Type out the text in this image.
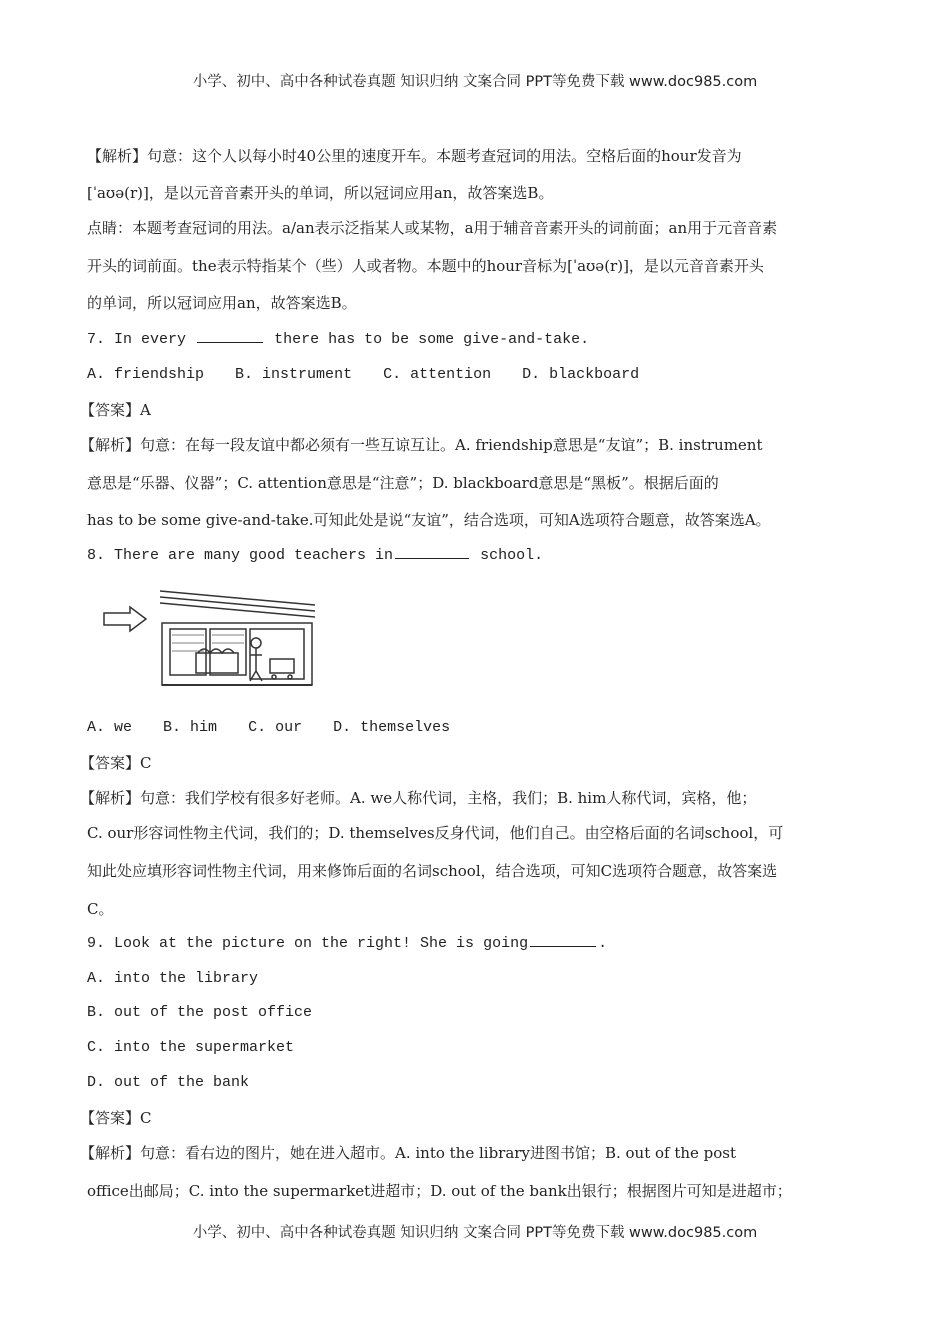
小学、初中、高中各种试卷真题 知识归纳 文案合同 PPT等免费下载 www.doc985.com
【解析】句意：这个人以每小时40公里的速度开车。本题考查冠词的用法。空格后面的hour发音为
[ˈaʊə(r)]，是以元音音素开头的单词，所以冠词应用an，故答案选B。
点睛：本题考查冠词的用法。a/an表示泛指某人或某物，a用于辅音音素开头的词前面；an用于元音音素
开头的词前面。the表示特指某个（些）人或者物。本题中的hour音标为[ˈaʊə(r)]，是以元音音素开头
的单词，所以冠词应用an，故答案选B。
7. In every	there has to be some give-and-take.
A. friendship B. instrument C. attention D. blackboard
【答案】A
【解析】句意：在每一段友谊中都必须有一些互谅互让。A. friendship意思是“友谊”；B. instrument
意思是“乐器、仪器”；C. attention意思是“注意”；D. blackboard意思是“黑板”。根据后面的
has to be some give-and-take.可知此处是说“友谊”，结合选项，可知A选项符合题意，故答案选A。
8. There are many good teachers in	school.
A. we B. him C. our D. themselves
【答案】C
【解析】句意：我们学校有很多好老师。A. we人称代词，主格，我们；B. him人称代词，宾格，他；
C. our形容词性物主代词，我们的；D. themselves反身代词，他们自己。由空格后面的名词school，可
知此处应填形容词性物主代词，用来修饰后面的名词school，结合选项，可知C选项符合题意，故答案选
C。
9. Look at the picture on the right! She is going	.
A. into the library
B. out of the post office
C. into the supermarket
D. out of the bank
【答案】C
【解析】句意：看右边的图片，她在进入超市。A. into the library进图书馆；B. out of the post
office出邮局；C. into the supermarket进超市；D. out of the bank出银行；根据图片可知是进超市；
小学、初中、高中各种试卷真题 知识归纳 文案合同 PPT等免费下载 www.doc985.com
